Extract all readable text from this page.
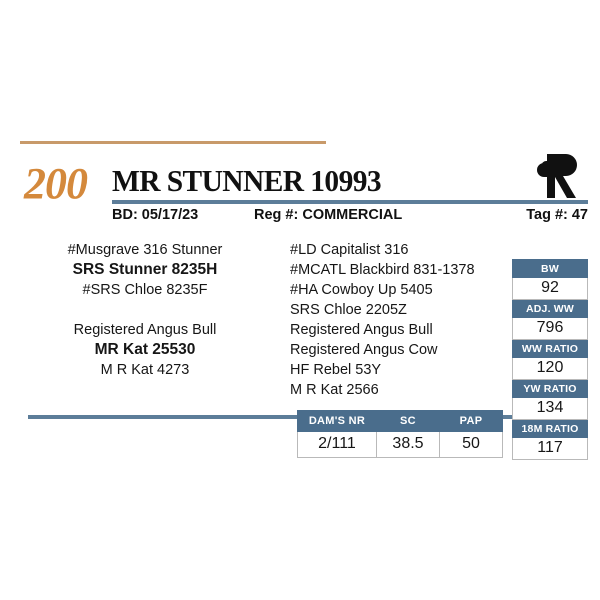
200 MR STUNNER 10993
BD: 05/17/23	Reg #: COMMERCIAL	Tag #: 47
#Musgrave 316 Stunner
SRS Stunner 8235H
#SRS Chloe 8235F
Registered Angus Bull
MR Kat 25530
M R Kat 4273
#LD Capitalist 316
#MCATL Blackbird 831-1378
#HA Cowboy Up 5405
SRS Chloe 2205Z
Registered Angus Bull
Registered Angus Cow
HF Rebel 53Y
M R Kat 2566
DAM'S NR	SC	PAP
2/111	38.5	50
BW
92
ADJ. WW
796
WW RATIO
120
YW RATIO
134
18M RATIO
117
